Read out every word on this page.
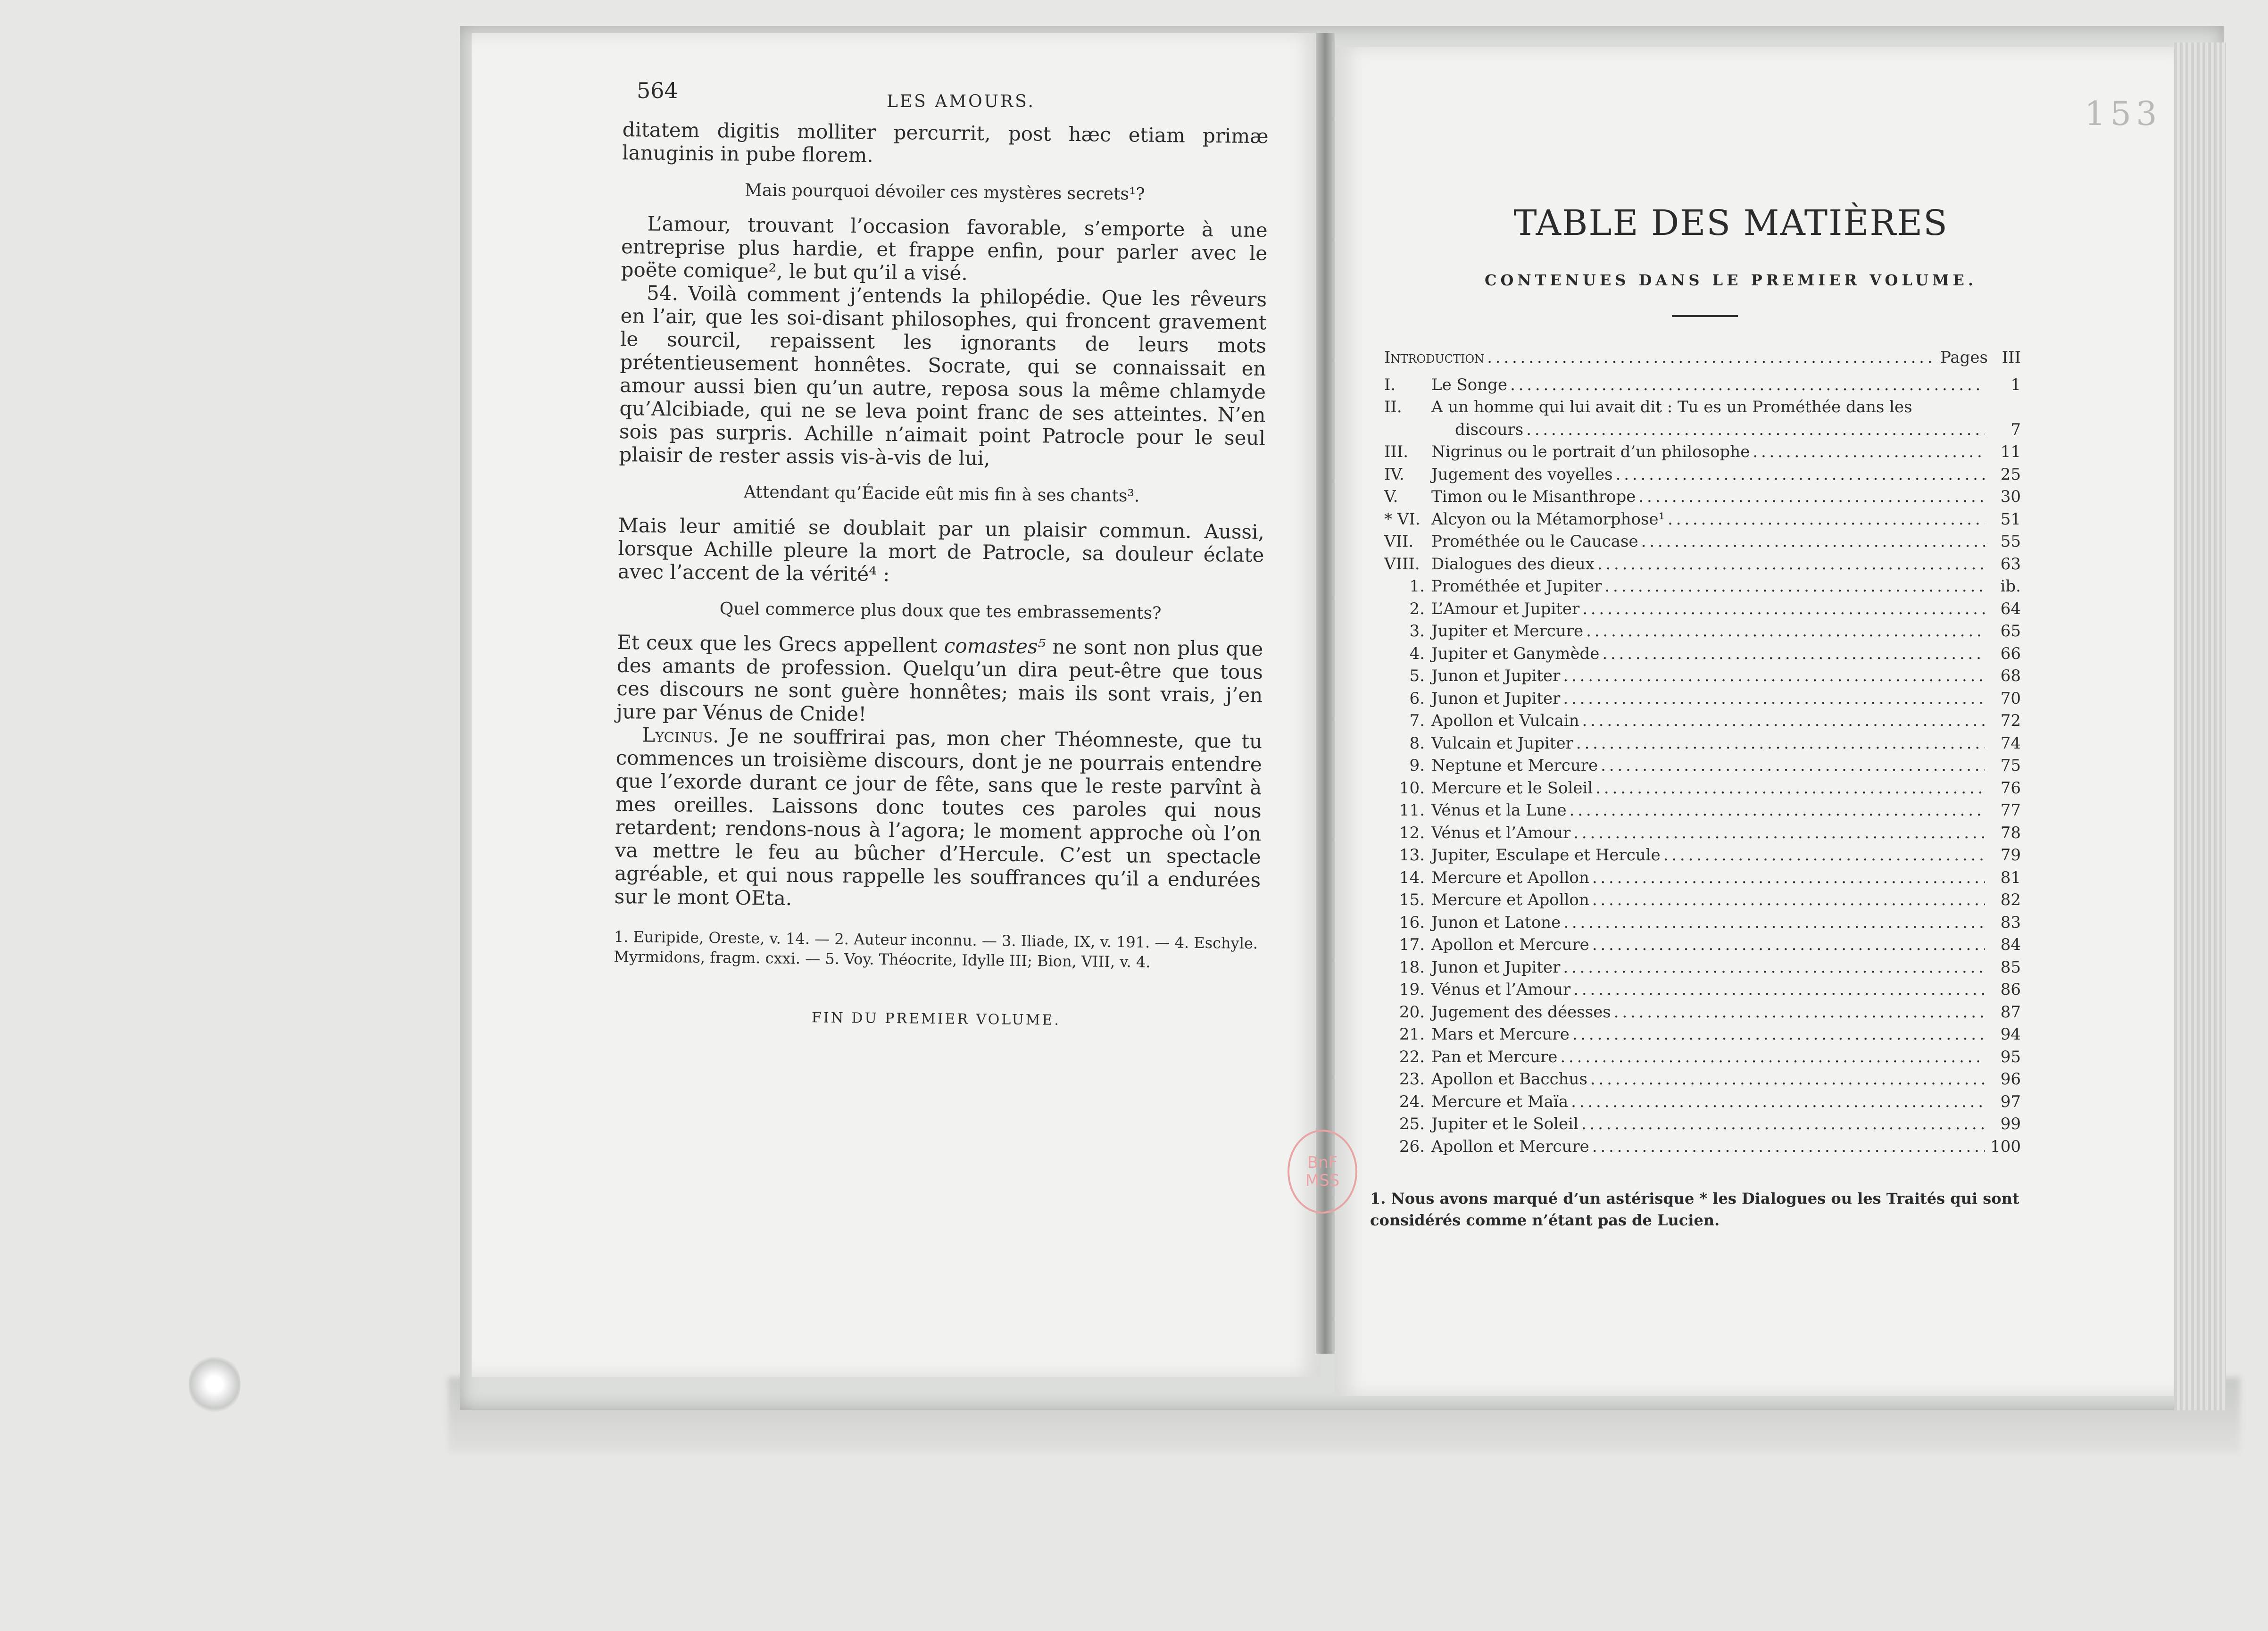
564	LES AMOURS.

ditatem digitis molliter percurrit, post hæc etiam primæ lanuginis in pube florem.

Mais pourquoi dévoiler ces mystères secrets¹?

L’amour, trouvant l’occasion favorable, s’emporte à une entreprise plus hardie, et frappe enfin, pour parler avec le poëte comique², le but qu’il a visé.

54. Voilà comment j’entends la philopédie. Que les rêveurs en l’air, que les soi-disant philosophes, qui froncent gravement le sourcil, repaissent les ignorants de leurs mots prétentieusement honnêtes. Socrate, qui se connaissait en amour aussi bien qu’un autre, reposa sous la même chlamyde qu’Alcibiade, qui ne se leva point franc de ses atteintes. N’en sois pas surpris. Achille n’aimait point Patrocle pour le seul plaisir de rester assis vis-à-vis de lui,

Attendant qu’Éacide eût mis fin à ses chants³.

Mais leur amitié se doublait par un plaisir commun. Aussi, lorsque Achille pleure la mort de Patrocle, sa douleur éclate avec l’accent de la vérité⁴ :

Quel commerce plus doux que tes embrassements?

Et ceux que les Grecs appellent comastes⁵ ne sont non plus que des amants de profession. Quelqu’un dira peut-être que tous ces discours ne sont guère honnêtes; mais ils sont vrais, j’en jure par Vénus de Cnide!

Lycinus. Je ne souffrirai pas, mon cher Théomneste, que tu commences un troisième discours, dont je ne pourrais entendre que l’exorde durant ce jour de fête, sans que le reste parvînt à mes oreilles. Laissons donc toutes ces paroles qui nous retardent; rendons-nous à l’agora; le moment approche où l’on va mettre le feu au bûcher d’Hercule. C’est un spectacle agréable, et qui nous rappelle les souffrances qu’il a endurées sur le mont OEta.

1. Euripide, Oreste, v. 14. — 2. Auteur inconnu. — 3. Iliade, IX, v. 191. — 4. Eschyle. Myrmidons, fragm. cxxi. — 5. Voy. Théocrite, Idylle III; Bion, VIII, v. 4.
FIN DU PREMIER VOLUME.
153
TABLE DES MATIÈRES
CONTENUES DANS LE PREMIER VOLUME.
Introduction . . .	Pages III
I.	Le Songe . . .	1
II.	A un homme qui lui avait dit : Tu es un Prométhée dans les
discours . . .	7
III.	Nigrinus ou le portrait d’un philosophe . . .	11
IV.	Jugement des voyelles . . .	25
V.	Timon ou le Misanthrope . . .	30
* VI. Alcyon ou la Métamorphose¹ . . .	51
VII.	Prométhée ou le Caucase . . .	55
VIII. Dialogues des dieux . . .	63
1. Prométhée et Jupiter . . .	ib.
2. L’Amour et Jupiter . . .	64
3. Jupiter et Mercure . . .	65
4. Jupiter et Ganymède . . .	66
5. Junon et Jupiter . . .	68
6. Junon et Jupiter . . .	70
7. Apollon et Vulcain . . .	72
8. Vulcain et Jupiter . . .	74
9. Neptune et Mercure . . .	75
10. Mercure et le Soleil . . .	76
11. Vénus et la Lune . . .	77
12. Vénus et l’Amour . . .	78
13. Jupiter, Esculape et Hercule . . .	79
14. Mercure et Apollon . . .	81
15. Mercure et Apollon . . .	82
16. Junon et Latone . . .	83
17. Apollon et Mercure . . .	84
18. Junon et Jupiter . . .	85
19. Vénus et l’Amour . . .	86
20. Jugement des déesses . . .	87
21. Mars et Mercure . . .	94
22. Pan et Mercure . . .	95
23. Apollon et Bacchus . . .	96
24. Mercure et Maïa . . .	97
25. Jupiter et le Soleil . . .	99
26. Apollon et Mercure . . .	100
1. Nous avons marqué d’un astérisque * les Dialogues ou les Traités qui sont considérés comme n’étant pas de Lucien.
BnF
MSS
